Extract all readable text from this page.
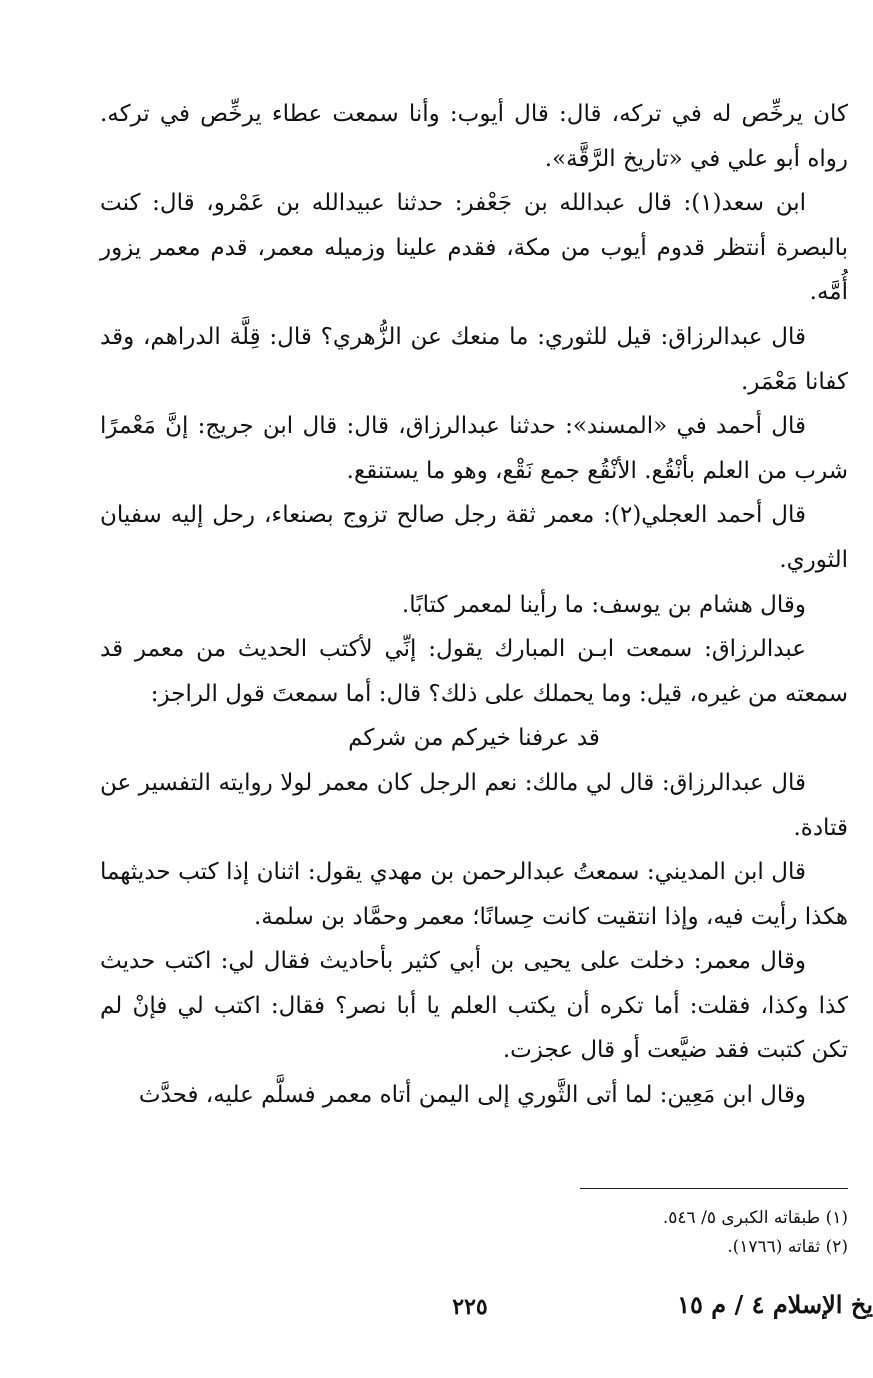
كان يرخِّص له في تركه، قال: قال أيوب: وأنا سمعت عطاء يرخِّص في تركه. رواه أبو علي في «تاريخ الرَّقَّة».

ابن سعد(١): قال عبدالله بن جَعْفر: حدثنا عبيدالله بن عَمْرو، قال: كنت بالبصرة أنتظر قدوم أيوب من مكة، فقدم علينا وزميله معمر، قدم معمر يزور أُمَّه.

قال عبدالرزاق: قيل للثوري: ما منعك عن الزُّهري؟ قال: قِلَّة الدراهم، وقد كفانا مَعْمَر.

قال أحمد في «المسند»: حدثنا عبدالرزاق، قال: قال ابن جريج: إنَّ مَعْمرًا شرب من العلم بأنْقُع. الأنْقُع جمع نَقْع، وهو ما يستنقع.

قال أحمد العجلي(٢): معمر ثقة رجل صالح تزوج بصنعاء، رحل إليه سفيان الثوري.

وقال هشام بن يوسف: ما رأينا لمعمر كتابًا.

عبدالرزاق: سمعت ابـن المبارك يقول: إنِّي لأكتب الحديث من معمر قد سمعته من غيره، قيل: وما يحملك على ذلك؟ قال: أما سمعتَ قول الراجز:

قد عرفنا خيركم من شركم

قال عبدالرزاق: قال لي مالك: نعم الرجل كان معمر لولا روايته التفسير عن قتادة.

قال ابن المديني: سمعتُ عبدالرحمن بن مهدي يقول: اثنان إذا كتب حديثهما هكذا رأيت فيه، وإذا انتقيت كانت حِسانًا؛ معمر وحمَّاد بن سلمة.

وقال معمر: دخلت على يحيى بن أبي كثير بأحاديث فقال لي: اكتب حديث كذا وكذا، فقلت: أما تكره أن يكتب العلم يا أبا نصر؟ فقال: اكتب لي فإنْ لم تكن كتبت فقد ضيَّعت أو قال عجزت.

وقال ابن مَعِين: لما أتى الثَّوري إلى اليمن أتاه معمر فسلَّم عليه، فحدَّث

(١) طبقاته الكبرى ٥/ ٥٤٦.

(٢) ثقاته (١٧٦٦).

٢٢٥	يخ الإسلام ٤ / م ١٥
